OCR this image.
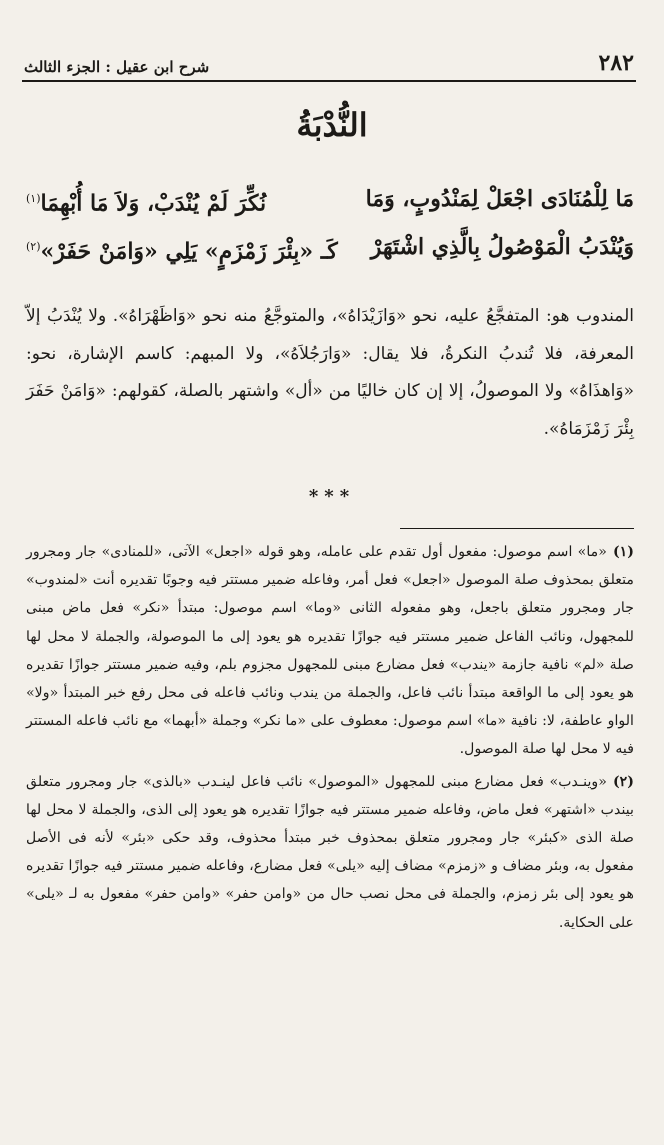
٢٨٢
شرح ابن عقيل : الجزء الثالث
النُّدْبَةُ
مَا لِلْمُنَادَى اجْعَلْ لِمَنْدُوبٍ، وَمَا
نُكِّرَ لَمْ يُنْدَبْ، وَلاَ مَا أُبْهِمَا$^{(١)}$
وَيُنْدَبُ الْمَوْصُولُ بِالَّذِي اشْتَهَرْ
كَـ «بِئْرَ زَمْزَمٍ» يَلِي «وَامَنْ حَفَرْ»$^{(٢)}$

المندوب هو: المتفجَّعُ عليه، نحو «وَازَيْدَاهُ»، والمتوجَّعُ منه نحو «وَاظَهْرَاهُ». ولا يُنْدَبُ إلاّ المعرفة، فلا تُندبُ النكرةُ، فلا يقال: «وَارَجُلاَهُ»، ولا المبهم: كاسم الإشارة، نحو: «وَاهذَاهُ» ولا الموصولُ، إلا إن كان خاليًا من «أل» واشتهر بالصلة، كقولهم: «وَامَنْ حَفَرَ بِئْرَ زَمْزَمَاهُ».

***

(١)«ما» اسم موصول: مفعول أول تقدم على عامله، وهو قوله «اجعل» الآتى، «للمنادى» جار ومجرور متعلق بمحذوف صلة الموصول «اجعل» فعل أمر، وفاعله ضمير مستتر فيه وجوبًا تقديره أنت «لمندوب» جار ومجرور متعلق باجعل، وهو مفعوله الثانى «وما» اسم موصول: مبتدأ «نكر» فعل ماض مبنى للمجهول، ونائب الفاعل ضمير مستتر فيه جوازًا تقديره هو يعود إلى ما الموصولة، والجملة لا محل لها صلة «لم» نافية جازمة «يندب» فعل مضارع مبنى للمجهول مجزوم بلم، وفيه ضمير مستتر جوازًا تقديره هو يعود إلى ما الواقعة مبتدأ نائب فاعل، والجملة من يندب ونائب فاعله فى محل رفع خبر المبتدأ «ولا» الواو عاطفة، لا: نافية «ما» اسم موصول: معطوف على «ما نكر» وجملة «أبهما» مع نائب فاعله المستتر فيه لا محل لها صلة الموصول.

(٢)«وينـدب» فعل مضارع مبنى للمجهول «الموصول» نائب فاعل لينـدب «بالذى» جار ومجرور متعلق بيندب «اشتهر» فعل ماض، وفاعله ضمير مستتر فيه جوازًا تقديره هو يعود إلى الذى، والجملة لا محل لها صلة الذى «كبئر» جار ومجرور متعلق بمحذوف خبر مبتدأ محذوف، وقد حكى «بئر» لأنه فى الأصل مفعول به، وبئر مضاف و «زمزم» مضاف إليه «يلى» فعل مضارع، وفاعله ضمير مستتر فيه جوازًا تقديره هو يعود إلى بئر زمزم، والجملة فى محل نصب حال من «وامن حفر» «وامن حفر» مفعول به لـ «يلى» على الحكاية.
